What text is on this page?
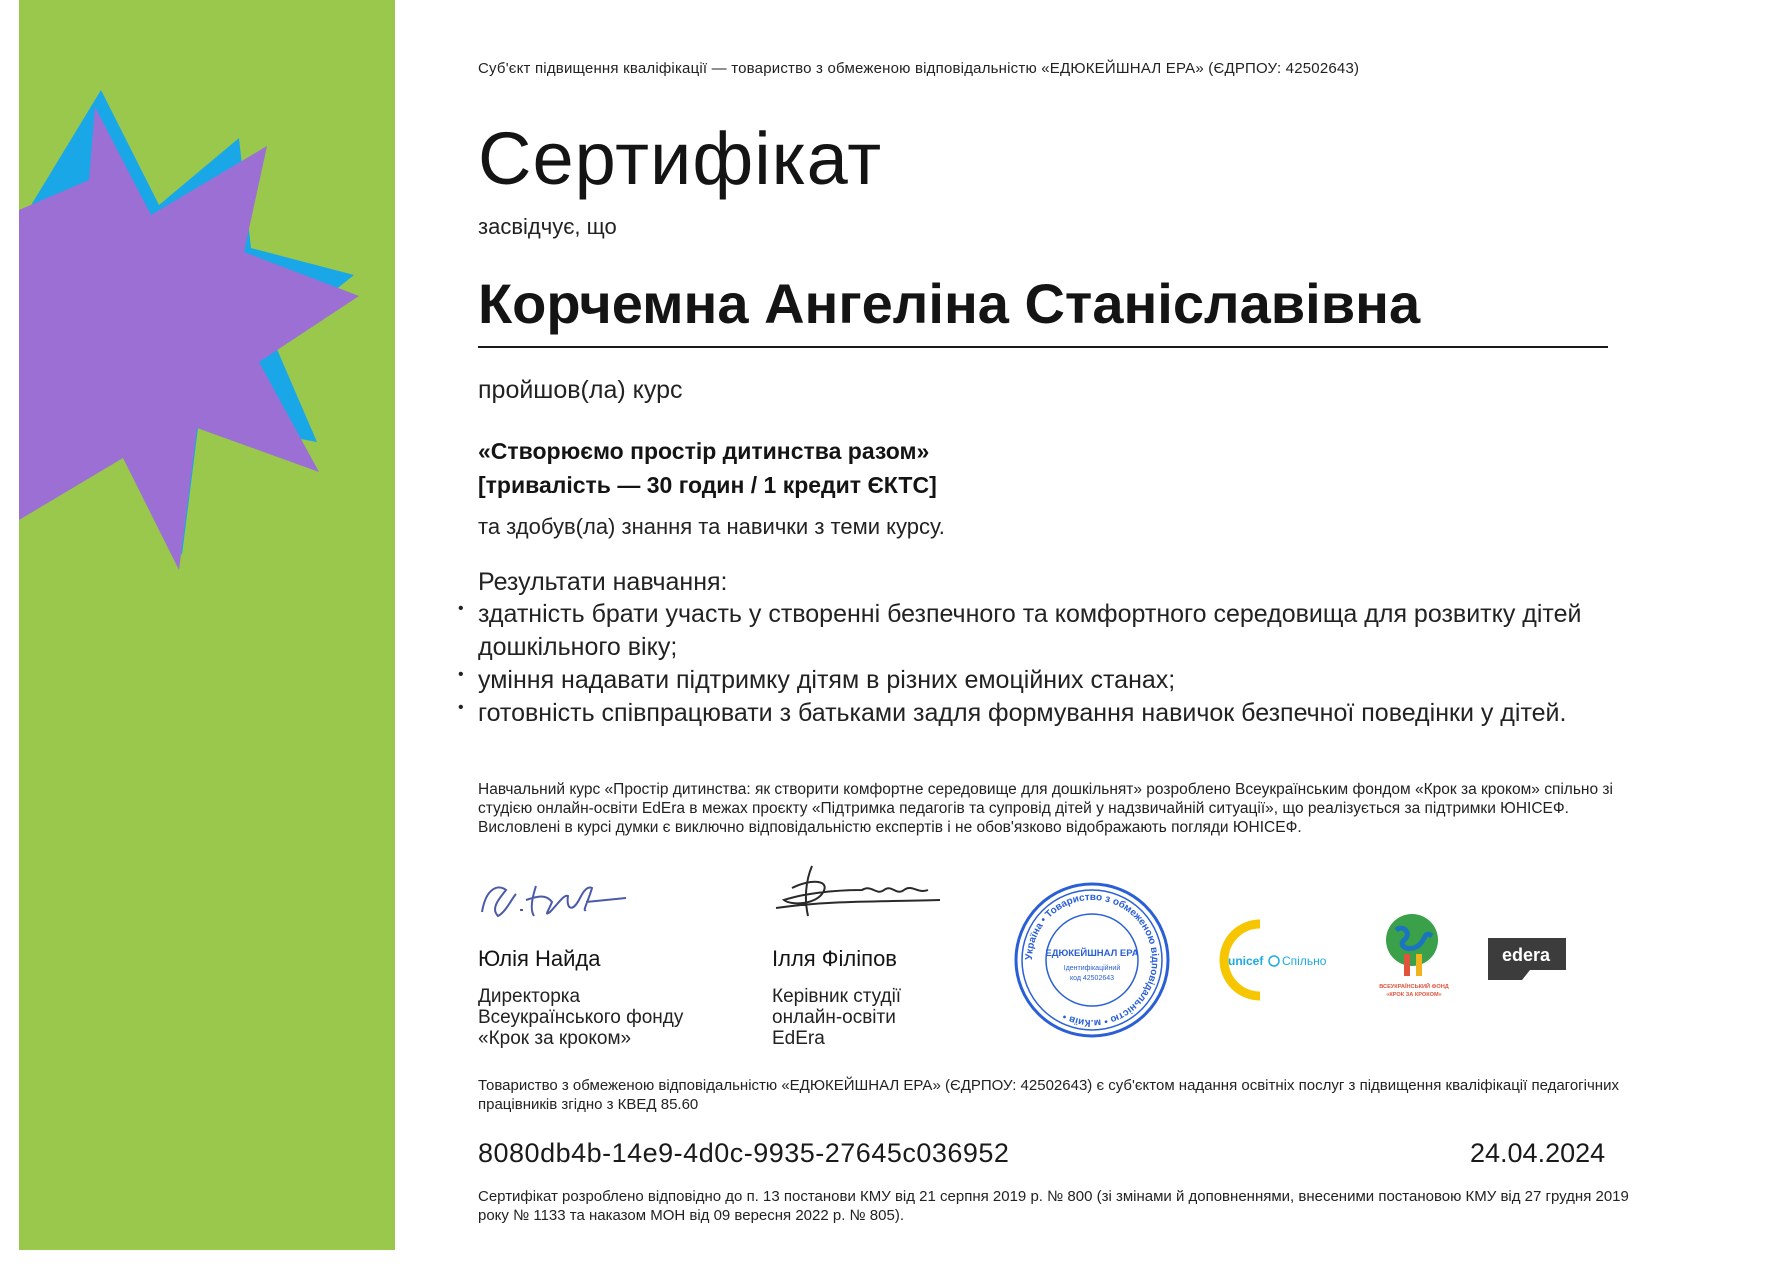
Суб'єкт підвищення кваліфікації — товариство з обмеженою відповідальністю «ЕДЮКЕЙШНАЛ ЕРА» (ЄДРПОУ: 42502643)
Сертифікат
засвідчує, що
Корчемна Ангеліна Станіславівна
пройшов(ла) курс
«Створюємо простір дитинства разом»
[тривалість — 30 годин / 1 кредит ЄКТС]
та здобув(ла) знання та навички з теми курсу.
Результати навчання:
• здатність брати участь у створенні безпечного та комфортного середовища для розвитку дітей дошкільного віку;
• уміння надавати підтримку дітям в різних емоційних станах;
• готовність співпрацювати з батьками задля формування навичок безпечної поведінки у дітей.
Навчальний курс «Простір дитинства: як створити комфортне середовище для дошкільнят» розроблено Всеукраїнським фондом «Крок за кроком» спільно зі студією онлайн-освіти EdEra в межах проєкту «Підтримка педагогів та супровід дітей у надзвичайній ситуації», що реалізується за підтримки ЮНІСЕФ. Висловлені в курсі думки є виключно відповідальністю експертів і не обов'язково відображають погляди ЮНІСЕФ.
Юлія Найда
Директорка
Всеукраїнського фонду
«Крок за кроком»
Ілля Філіпов
Керівник студії
онлайн-освіти
EdEra
Україна • Товариство з обмеженою відповідальністю • м.Київ •
ЕДЮКЕЙШНАЛ ЕРА
Ідентифікаційний
код 42502643
unicef Спільно
ВСЕУКРАЇНСЬКИЙ ФОНД
«КРОК ЗА КРОКОМ»
edera
Товариство з обмеженою відповідальністю «ЕДЮКЕЙШНАЛ ЕРА» (ЄДРПОУ: 42502643) є суб'єктом надання освітніх послуг з підвищення кваліфікації педагогічних працівників згідно з КВЕД 85.60
8080db4b-14e9-4d0c-9935-27645c036952	24.04.2024
Сертифікат розроблено відповідно до п. 13 постанови КМУ від 21 серпня 2019 р. № 800 (зі змінами й доповненнями, внесеними постановою КМУ від 27 грудня 2019 року № 1133 та наказом МОН від 09 вересня 2022 р. № 805).
